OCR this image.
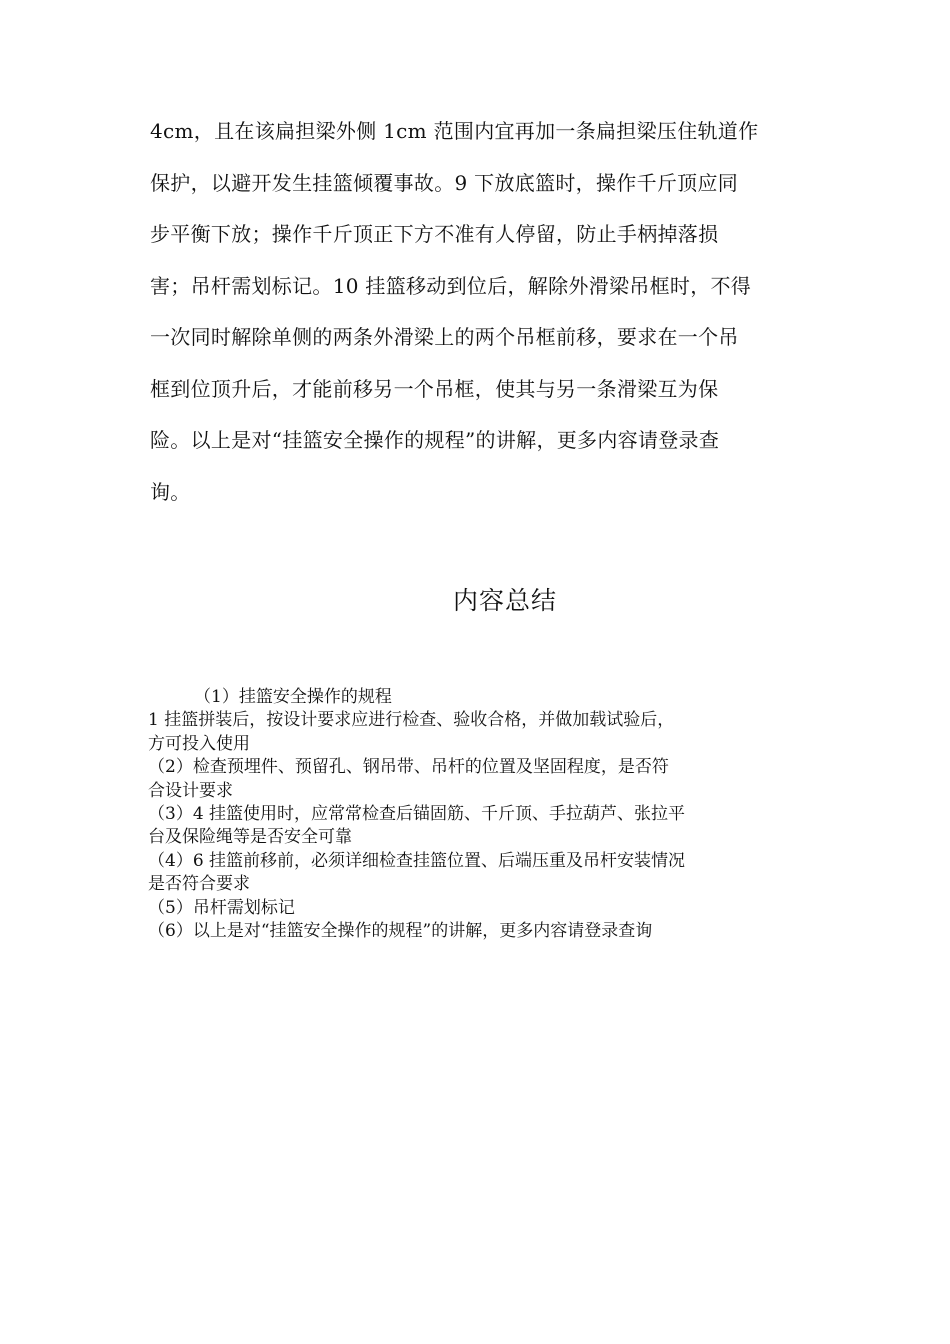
4cm，且在该扁担梁外侧 1cm 范围内宜再加一条扁担梁压住轨道作
保护，以避开发生挂篮倾覆事故。9 下放底篮时，操作千斤顶应同
步平衡下放；操作千斤顶正下方不准有人停留，防止手柄掉落损
害；吊杆需划标记。10 挂篮移动到位后，解除外滑梁吊框时，不得
一次同时解除单侧的两条外滑梁上的两个吊框前移，要求在一个吊
框到位顶升后，才能前移另一个吊框，使其与另一条滑梁互为保
险。以上是对“挂篮安全操作的规程”的讲解，更多内容请登录查
询。
内容总结
（1）挂篮安全操作的规程
1 挂篮拼装后，按设计要求应进行检查、验收合格，并做加载试验后，
方可投入使用
（2）检查预埋件、预留孔、钢吊带、吊杆的位置及坚固程度，是否符
合设计要求
（3）4 挂篮使用时，应常常检查后锚固筋、千斤顶、手拉葫芦、张拉平
台及保险绳等是否安全可靠
（4）6 挂篮前移前，必须详细检查挂篮位置、后端压重及吊杆安装情况
是否符合要求
（5）吊杆需划标记
（6）以上是对“挂篮安全操作的规程”的讲解，更多内容请登录查询
